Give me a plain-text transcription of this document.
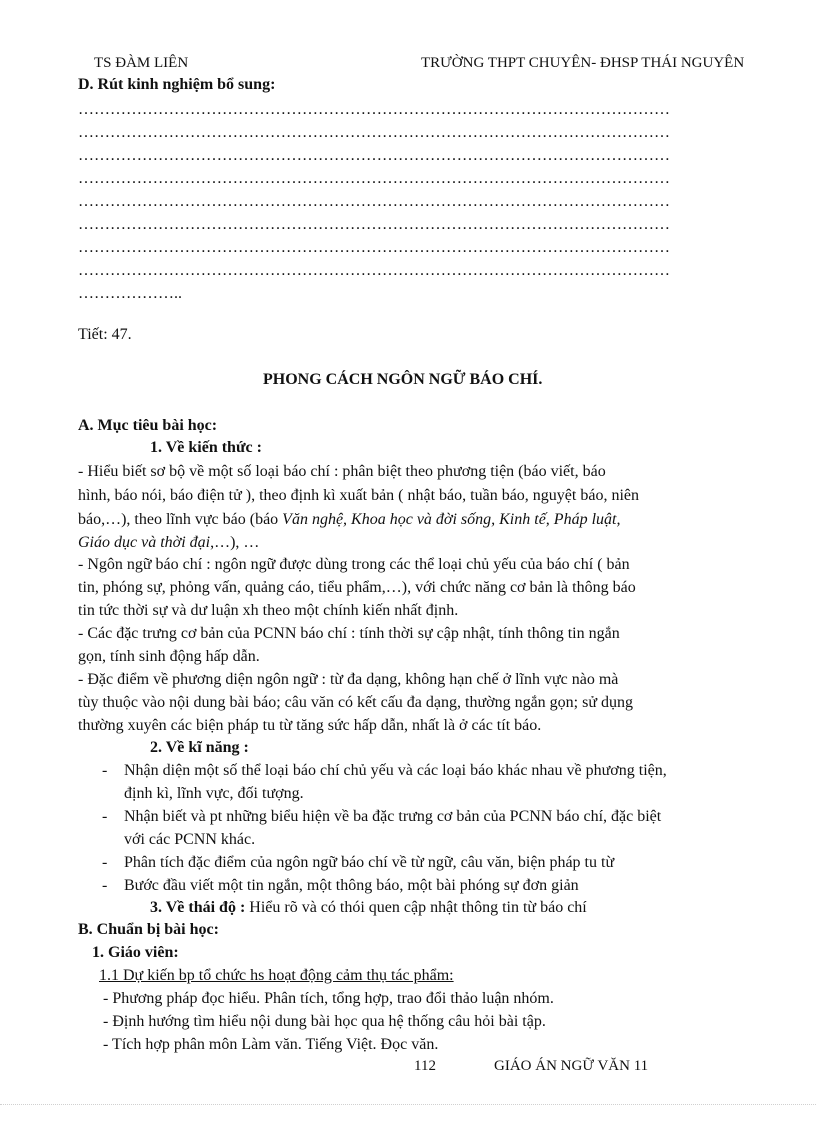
TS ĐÀM LIÊN	TRƯỜNG THPT CHUYÊN- ĐHSP THÁI NGUYÊN
D. Rút kinh nghiệm bổ sung:
…………………………………………………………………………………………………
…………………………………………………………………………………………………
…………………………………………………………………………………………………
…………………………………………………………………………………………………
…………………………………………………………………………………………………
…………………………………………………………………………………………………
…………………………………………………………………………………………………
…………………………………………………………………………………………………
………………..
Tiết: 47.
PHONG CÁCH NGÔN NGỮ BÁO CHÍ.
A. Mục tiêu bài học:
1. Về kiến thức :
- Hiểu biết sơ bộ về một số loại báo chí : phân biệt theo phương tiện (báo viết, báo
hình, báo nói, báo điện tử ), theo định kì xuất bản ( nhật báo, tuần báo, nguyệt báo, niên
báo,…), theo lĩnh vực báo (báo Văn nghệ, Khoa học và đời sống, Kinh tế, Pháp luật,
Giáo dục và thời đại,…), …
- Ngôn ngữ báo chí : ngôn ngữ được dùng trong các thể loại chủ yếu của báo chí ( bản
tin, phóng sự, phỏng vấn, quảng cáo, tiểu phẩm,…), với chức năng cơ bản là thông báo
tin tức thời sự và dư luận xh theo một chính kiến nhất định.
- Các đặc trưng cơ bản của PCNN báo chí : tính thời sự cập nhật, tính thông tin ngắn
gọn, tính sinh động hấp dẫn.
- Đặc điểm về phương diện ngôn ngữ : từ đa dạng, không hạn chế ở lĩnh vực nào mà
tùy thuộc vào nội dung bài báo; câu văn có kết cấu đa dạng, thường ngắn gọn; sử dụng
thường xuyên các biện pháp tu từ tăng sức hấp dẫn, nhất là ở các tít báo.
2. Về kĩ năng :
- Nhận diện một số thể loại báo chí chủ yếu và các loại báo khác nhau về phương tiện,
định kì, lĩnh vực, đối tượng.
- Nhận biết và pt những biểu hiện về ba đặc trưng cơ bản của PCNN báo chí, đặc biệt
với các PCNN khác.
- Phân tích đặc điểm của ngôn ngữ báo chí về từ ngữ, câu văn, biện pháp tu từ
- Bước đầu viết một tin ngắn, một thông báo, một bài phóng sự đơn giản
3. Về thái độ : Hiểu rõ và có thói quen cập nhật thông tin từ báo chí
B. Chuẩn bị bài học:
1. Giáo viên:
1.1 Dự kiến bp tổ chức hs hoạt động cảm thụ tác phẩm:
- Phương pháp đọc hiểu. Phân tích, tổng hợp, trao đổi thảo luận nhóm.
- Định hướng tìm hiểu nội dung bài học qua hệ thống câu hỏi bài tập.
- Tích hợp phân môn Làm văn. Tiếng Việt. Đọc văn.
112	GIÁO ÁN NGỮ VĂN 11
